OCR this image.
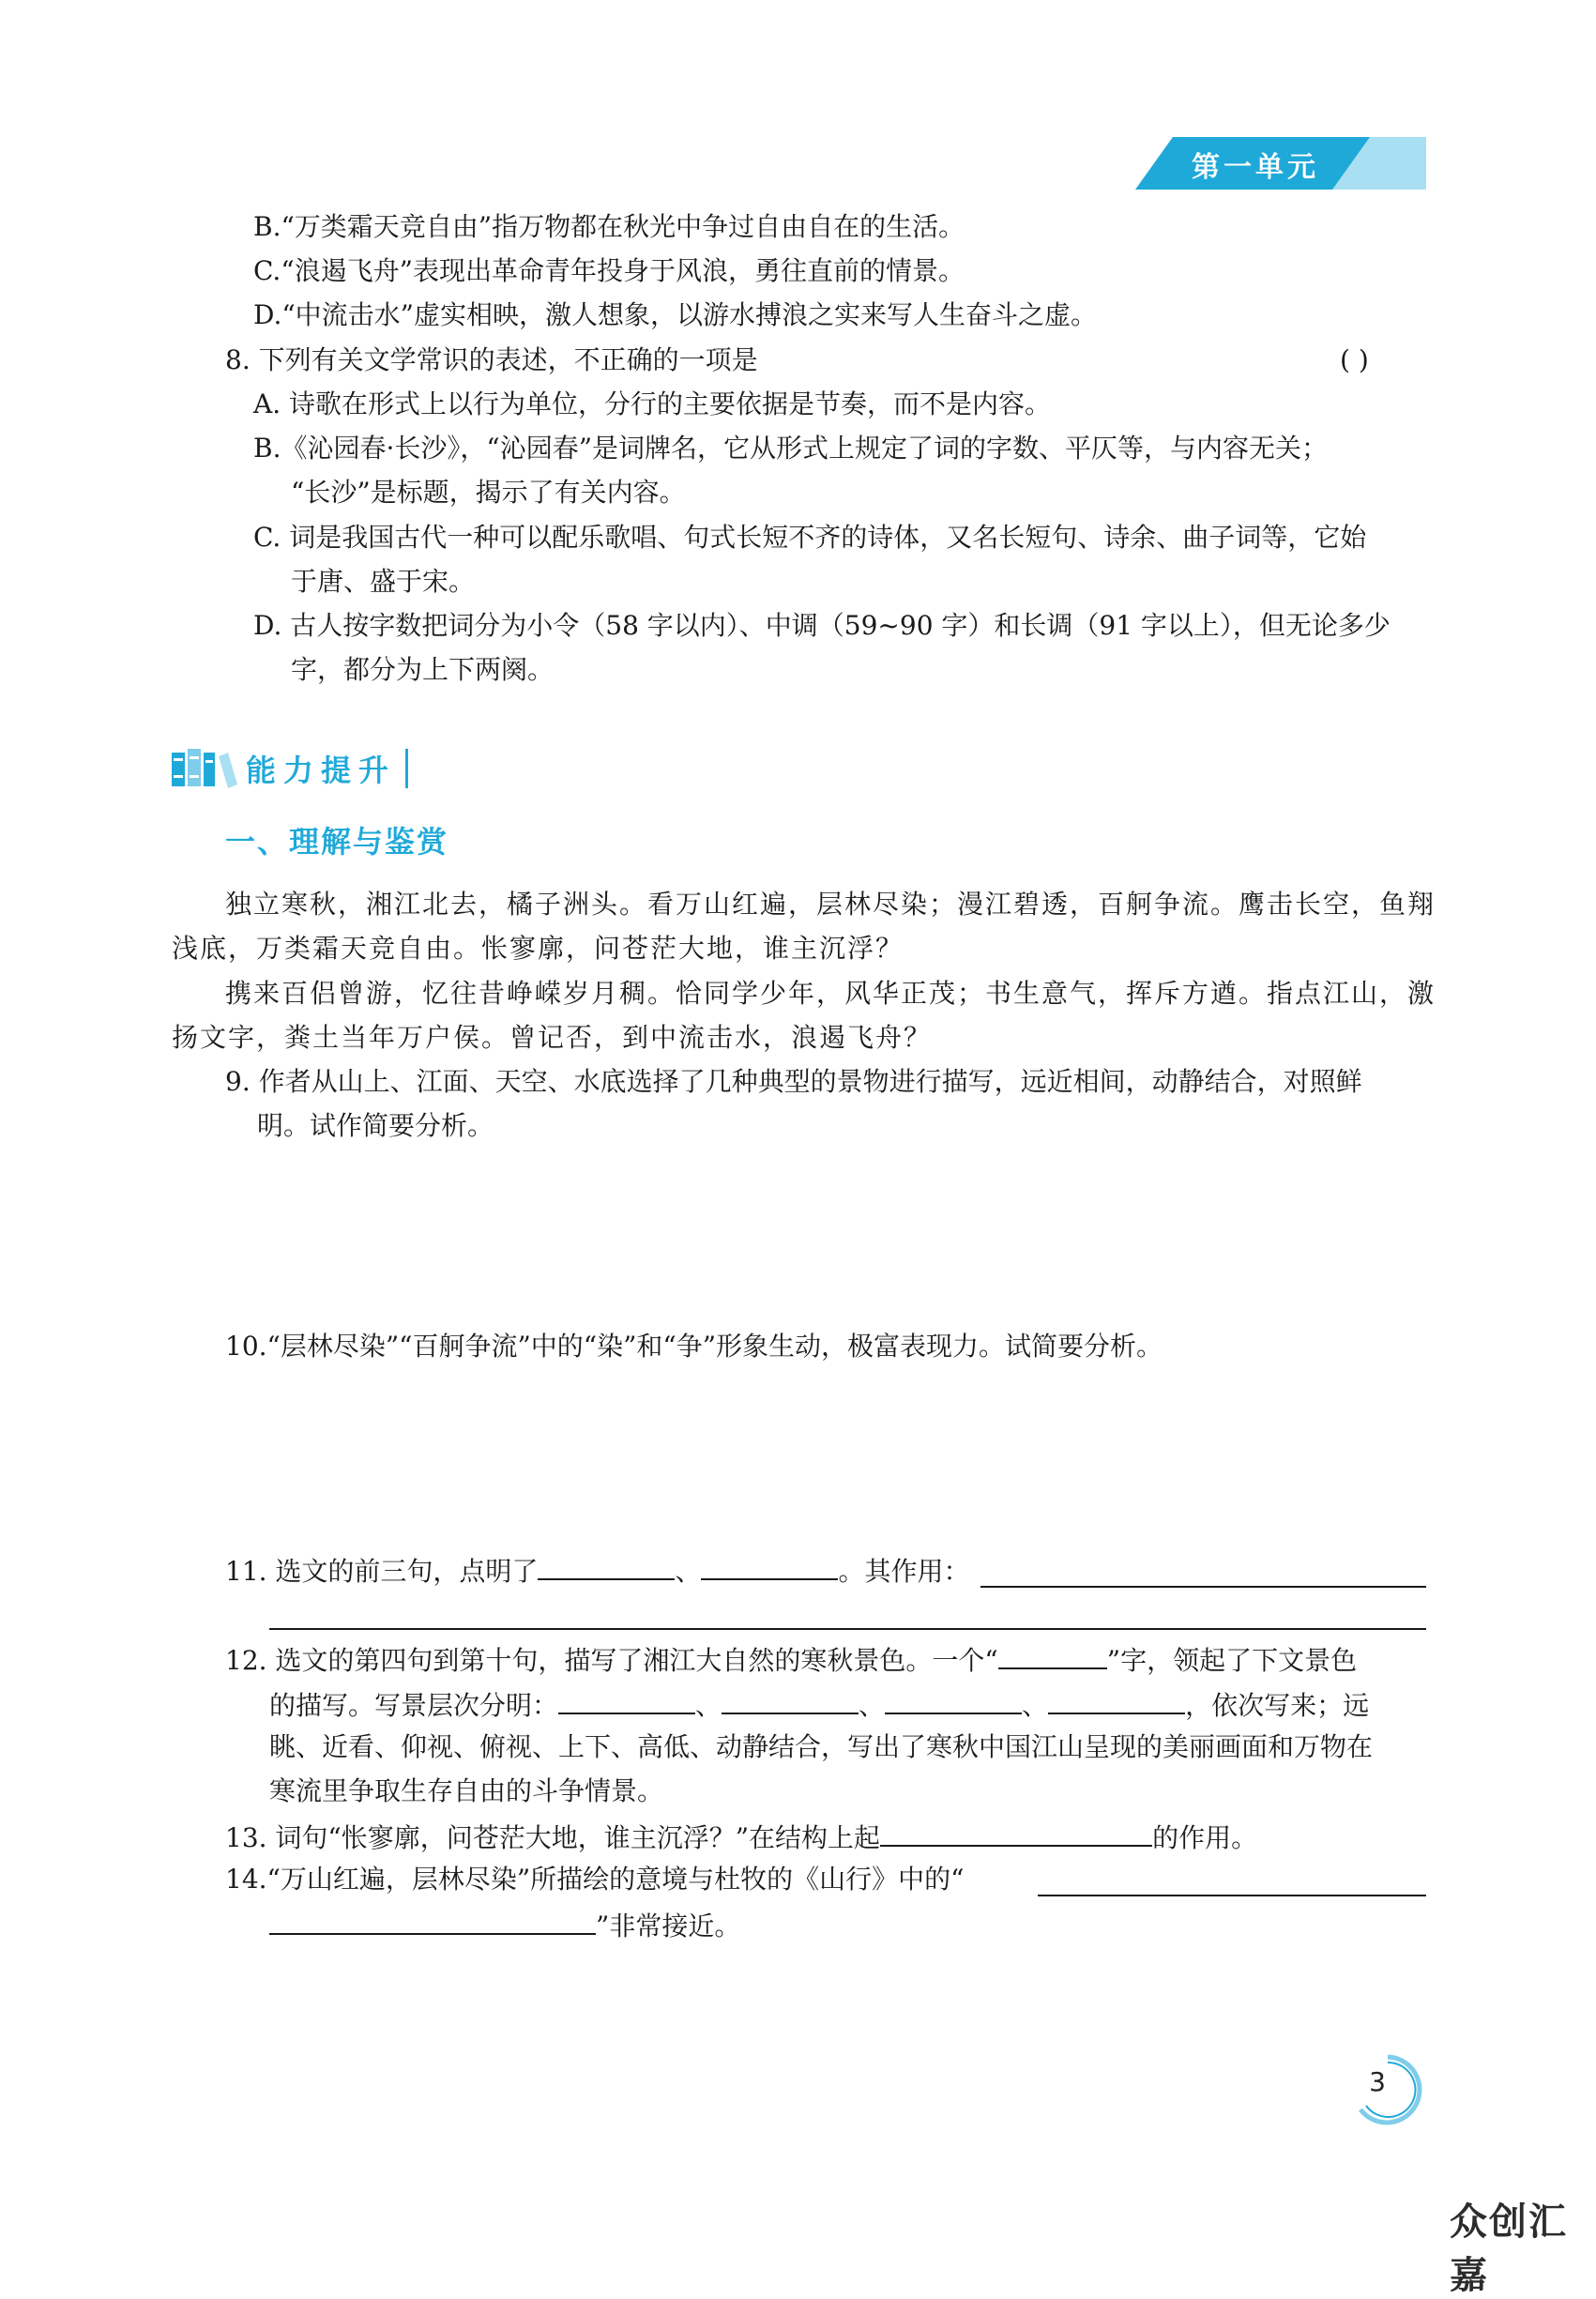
第一单元
B.“万类霜天竞自由”指万物都在秋光中争过自由自在的生活。
C.“浪遏飞舟”表现出革命青年投身于风浪，勇往直前的情景。
D.“中流击水”虚实相映，激人想象，以游水搏浪之实来写人生奋斗之虚。
8. 下列有关文学常识的表述，不正确的一项是	( )
A. 诗歌在形式上以行为单位，分行的主要依据是节奏，而不是内容。
B.《沁园春·长沙》，“沁园春”是词牌名，它从形式上规定了词的字数、平仄等，与内容无关；
“长沙”是标题，揭示了有关内容。
C. 词是我国古代一种可以配乐歌唱、句式长短不齐的诗体，又名长短句、诗余、曲子词等，它始
于唐、盛于宋。
D. 古人按字数把词分为小令（58 字以内）、中调（59~90 字）和长调（91 字以上），但无论多少
字，都分为上下两阕。
能力提升
一、理解与鉴赏
独立寒秋，湘江北去，橘子洲头。看万山红遍，层林尽染；漫江碧透，百舸争流。鹰击长空，鱼翔
浅底，万类霜天竞自由。怅寥廓，问苍茫大地，谁主沉浮？
携来百侣曾游，忆往昔峥嵘岁月稠。恰同学少年，风华正茂；书生意气，挥斥方遒。指点江山，激
扬文字，粪土当年万户侯。曾记否，到中流击水，浪遏飞舟？
9. 作者从山上、江面、天空、水底选择了几种典型的景物进行描写，远近相间，动静结合，对照鲜
明。试作简要分析。
10.“层林尽染”“百舸争流”中的“染”和“争”形象生动，极富表现力。试简要分析。
11. 选文的前三句，点明了	、	。其作用：
12. 选文的第四句到第十句，描写了湘江大自然的寒秋景色。一个“	”字，领起了下文景色
的描写。写景层次分明：	、	、	、	，依次写来；远
眺、近看、仰视、俯视、上下、高低、动静结合，写出了寒秋中国江山呈现的美丽画面和万物在
寒流里争取生存自由的斗争情景。
13. 词句“怅寥廓，问苍茫大地，谁主沉浮？”在结构上起	的作用。
14.“万山红遍，层林尽染”所描绘的意境与杜牧的《山行》中的“
”非常接近。
3
众创汇嘉
